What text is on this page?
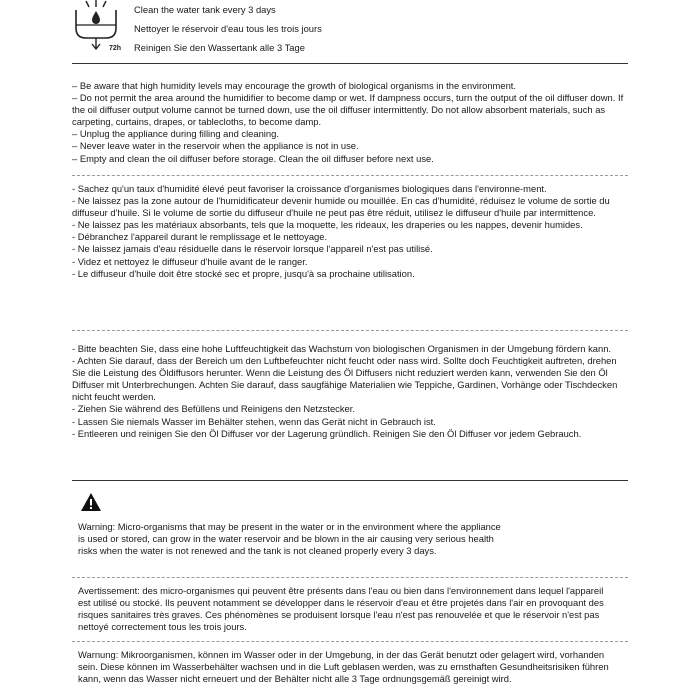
72h
Clean the water tank every 3 days
Nettoyer le réservoir d'eau tous les trois jours
Reinigen Sie den Wassertank alle 3 Tage

– Be aware that high humidity levels may encourage the growth of biological organisms in the environment.

– Do not permit the area around the humidifier to become damp or wet. If dampness occurs, turn the output of the oil diffuser down. If the oil diffuser output volume cannot be turned down, use the oil diffuser intermittently. Do not allow absorbent materials, such as carpeting, curtains, drapes, or tablecloths, to become damp.

– Unplug the appliance during filling and cleaning.

– Never leave water in the reservoir when the appliance is not in use.

– Empty and clean the oil diffuser before storage. Clean the oil diffuser before next use.

- Sachez qu'un taux d'humidité élevé peut favoriser la croissance d'organismes biologiques dans l'environne-ment.

- Ne laissez pas la zone autour de l'humidificateur devenir humide ou mouillée. En cas d'humidité, réduisez le volume de sortie du diffuseur d'huile. Si le volume de sortie du diffuseur d'huile ne peut pas être réduit, utilisez le diffuseur d'huile par intermittence.

- Ne laissez pas les matériaux absorbants, tels que la moquette, les rideaux, les draperies ou les nappes, devenir humides.

- Débranchez l'appareil durant le remplissage et le nettoyage.

- Ne laissez jamais d'eau résiduelle dans le réservoir lorsque l'appareil n'est pas utilisé.

- Videz et nettoyez le diffuseur d'huile avant de le ranger.

- Le diffuseur d'huile doit être stocké sec et propre, jusqu'à sa prochaine utilisation.

- Bitte beachten Sie, dass eine hohe Luftfeuchtigkeit das Wachstum von biologischen Organismen in der Umgebung fördern kann.

- Achten Sie darauf, dass der Bereich um den Luftbefeuchter nicht feucht oder nass wird. Sollte doch Feuchtigkeit auftreten, drehen Sie die Leistung des Öldiffusors herunter. Wenn die Leistung des Öl Diffusers nicht reduziert werden kann, verwenden Sie den Öl Diffuser mit Unterbrechungen. Achten Sie darauf, dass saugfähige Materialien wie Teppiche, Gardinen, Vorhänge oder Tischdecken nicht feucht werden.

- Ziehen Sie während des Befüllens und Reinigens den Netzstecker.

- Lassen Sie niemals Wasser im Behälter stehen, wenn das Gerät nicht in Gebrauch ist.

- Entleeren und reinigen Sie den Öl Diffuser vor der Lagerung gründlich. Reinigen Sie den Öl Diffuser vor jedem Gebrauch.

Warning: Micro-organisms that may be present in the water or in the environment where the appliance is used or stored, can grow in the water reservoir and be blown in the air causing very serious health risks when the water is not renewed and the tank is not cleaned properly every 3 days.
Avertissement: des micro-organismes qui peuvent être présents dans l'eau ou bien dans l'environnement dans lequel l'appareil est utilisé ou stocké. Ils peuvent notamment se développer dans le réservoir d'eau et être projetés dans l'air en provoquant des risques sanitaires très graves. Ces phénomènes se produisent lorsque l'eau n'est pas renouvelée et que le réservoir n'est pas nettoyé correctement tous les trois jours.
Warnung: Mikroorganismen, können im Wasser oder in der Umgebung, in der das Gerät benutzt oder gelagert wird, vorhanden sein. Diese können im Wasserbehälter wachsen und in die Luft geblasen werden, was zu ernsthaften Gesundheitsrisiken führen kann, wenn das Wasser nicht erneuert und der Behälter nicht alle 3 Tage ordnungsgemäß gereinigt wird.
